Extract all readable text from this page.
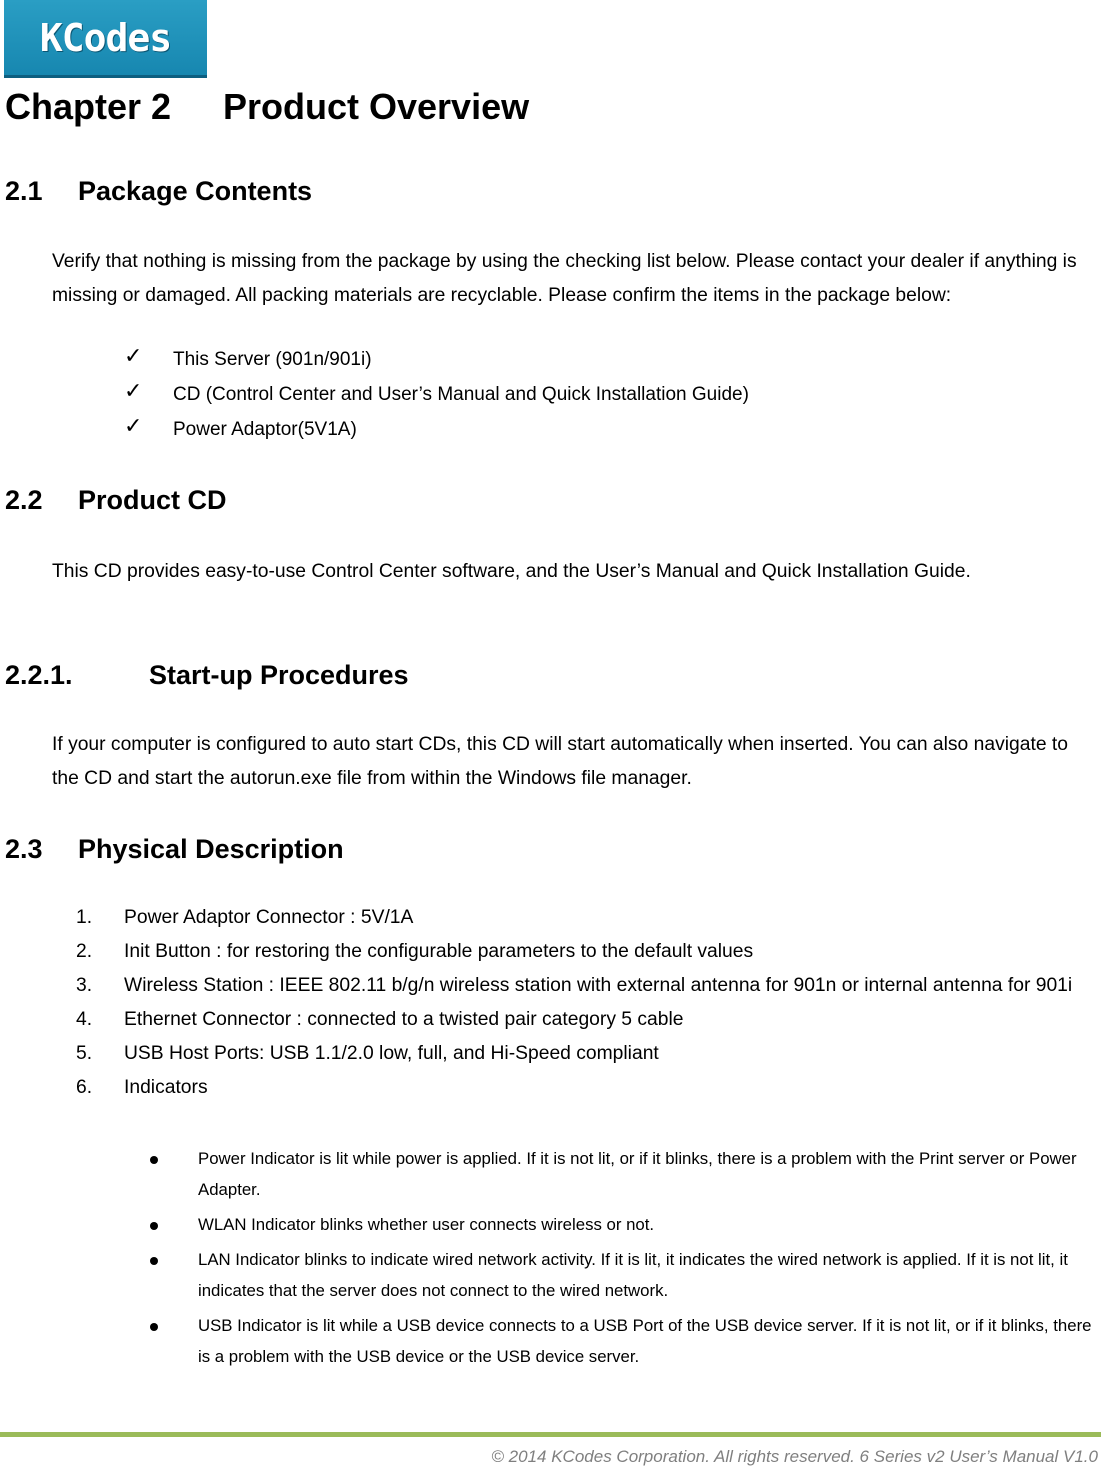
KCodes
Chapter 2 Product Overview
2.1 Package Contents

Verify that nothing is missing from the package by using the checking list below. Please contact your dealer if anything is missing or damaged. All packing materials are recyclable. Please confirm the items in the package below:

✓ This Server (901n/901i)
✓ CD (Control Center and User’s Manual and Quick Installation Guide)
✓ Power Adaptor(5V1A)
2.2 Product CD

This CD provides easy-to-use Control Center software, and the User’s Manual and Quick Installation Guide.

2.2.1.	Start-up Procedures

If your computer is configured to auto start CDs, this CD will start automatically when inserted. You can also navigate to the CD and start the autorun.exe file from within the Windows file manager.

2.3 Physical Description
1. Power Adaptor Connector : 5V/1A
2. Init Button : for restoring the configurable parameters to the default values
3. Wireless Station : IEEE 802.11 b/g/n wireless station with external antenna for 901n or internal antenna for 901i
4. Ethernet Connector : connected to a twisted pair category 5 cable
5. USB Host Ports: USB 1.1/2.0 low, full, and Hi-Speed compliant
6. Indicators
Power Indicator is lit while power is applied. If it is not lit, or if it blinks, there is a problem with the Print server or Power Adapter.
WLAN Indicator blinks whether user connects wireless or not.
LAN Indicator blinks to indicate wired network activity. If it is lit, it indicates the wired network is applied. If it is not lit, it indicates that the server does not connect to the wired network.
USB Indicator is lit while a USB device connects to a USB Port of the USB device server. If it is not lit, or if it blinks, there is a problem with the USB device or the USB device server.
© 2014 KCodes Corporation. All rights reserved. 6 Series v2 User’s Manual V1.0
